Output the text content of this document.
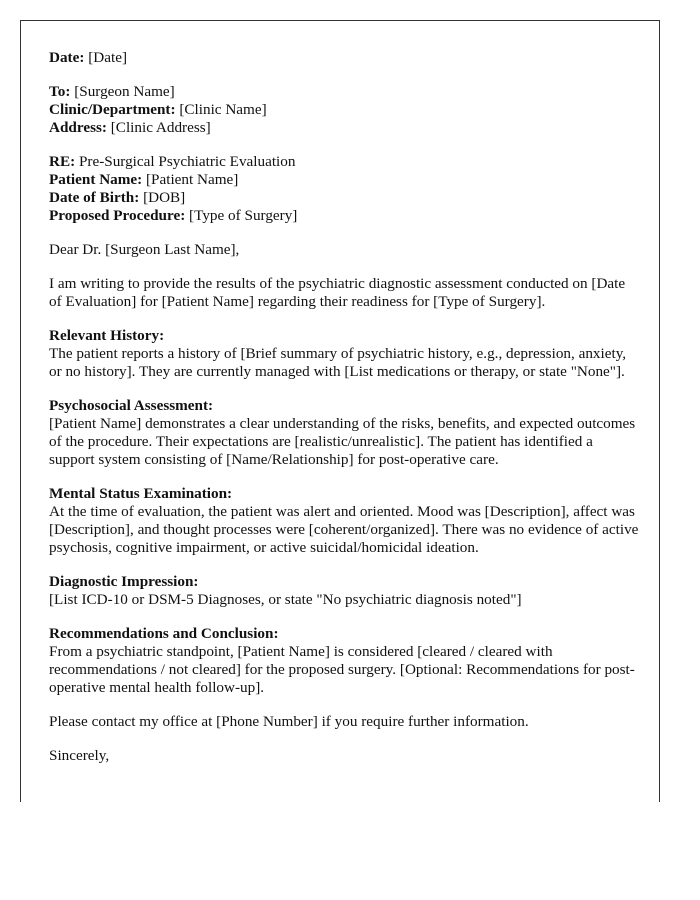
Date: [Date]
To: [Surgeon Name]
Clinic/Department: [Clinic Name]
Address: [Clinic Address]
RE: Pre-Surgical Psychiatric Evaluation
Patient Name: [Patient Name]
Date of Birth: [DOB]
Proposed Procedure: [Type of Surgery]
Dear Dr. [Surgeon Last Name],
I am writing to provide the results of the psychiatric diagnostic assessment conducted on [Date of Evaluation] for [Patient Name] regarding their readiness for [Type of Surgery].
Relevant History:
The patient reports a history of [Brief summary of psychiatric history, e.g., depression, anxiety, or no history]. They are currently managed with [List medications or therapy, or state "None"].
Psychosocial Assessment:
[Patient Name] demonstrates a clear understanding of the risks, benefits, and expected outcomes of the procedure. Their expectations are [realistic/unrealistic]. The patient has identified a support system consisting of [Name/Relationship] for post-operative care.
Mental Status Examination:
At the time of evaluation, the patient was alert and oriented. Mood was [Description], affect was [Description], and thought processes were [coherent/organized]. There was no evidence of active psychosis, cognitive impairment, or active suicidal/homicidal ideation.
Diagnostic Impression:
[List ICD-10 or DSM-5 Diagnoses, or state "No psychiatric diagnosis noted"]
Recommendations and Conclusion:
From a psychiatric standpoint, [Patient Name] is considered [cleared / cleared with recommendations / not cleared] for the proposed surgery. [Optional: Recommendations for post-operative mental health follow-up].
Please contact my office at [Phone Number] if you require further information.
Sincerely,
